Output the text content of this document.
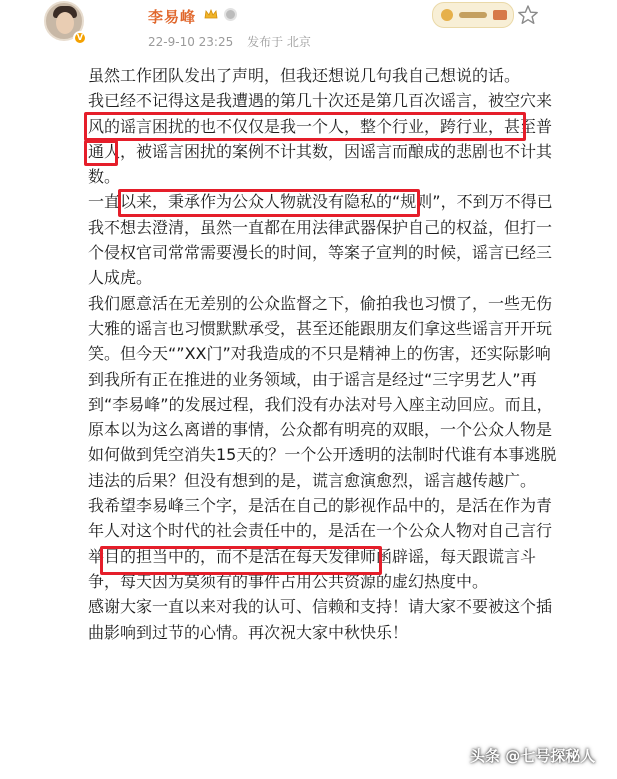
V
李易峰
22-9-10 23:25 发布于 北京

虽然工作团队发出了声明，但我还想说几句我自己想说的话。

我已经不记得这是我遭遇的第几十次还是第几百次谣言，被空穴来风的谣言困扰的也不仅仅是我一个人，整个行业，跨行业，甚至普通人，被谣言困扰的案例不计其数，因谣言而酿成的悲剧也不计其数。

一直以来，秉承作为公众人物就没有隐私的“规则”，不到万不得已我不想去澄清，虽然一直都在用法律武器保护自己的权益，但打一个侵权官司常常需要漫长的时间，等案子宣判的时候，谣言已经三人成虎。

我们愿意活在无差别的公众监督之下，偷拍我也习惯了，一些无伤大雅的谣言也习惯默默承受，甚至还能跟朋友们拿这些谣言开开玩笑。但今天“”XX门”对我造成的不只是精神上的伤害，还实际影响到我所有正在推进的业务领域，由于谣言是经过“三字男艺人”再到“李易峰”的发展过程，我们没有办法对号入座主动回应。而且，原本以为这么离谱的事情，公众都有明亮的双眼，一个公众人物是如何做到凭空消失15天的？一个公开透明的法制时代谁有本事逃脱违法的后果？但没有想到的是，谎言愈演愈烈，谣言越传越广。

我希望李易峰三个字，是活在自己的影视作品中的，是活在作为青年人对这个时代的社会责任中的，是活在一个公众人物对自己言行举目的担当中的，而不是活在每天发律师函辟谣，每天跟谎言斗争，每天因为莫须有的事件占用公共资源的虚幻热度中。

感谢大家一直以来对我的认可、信赖和支持！请大家不要被这个插曲影响到过节的心情。再次祝大家中秋快乐！

头条 @七号探秘人
